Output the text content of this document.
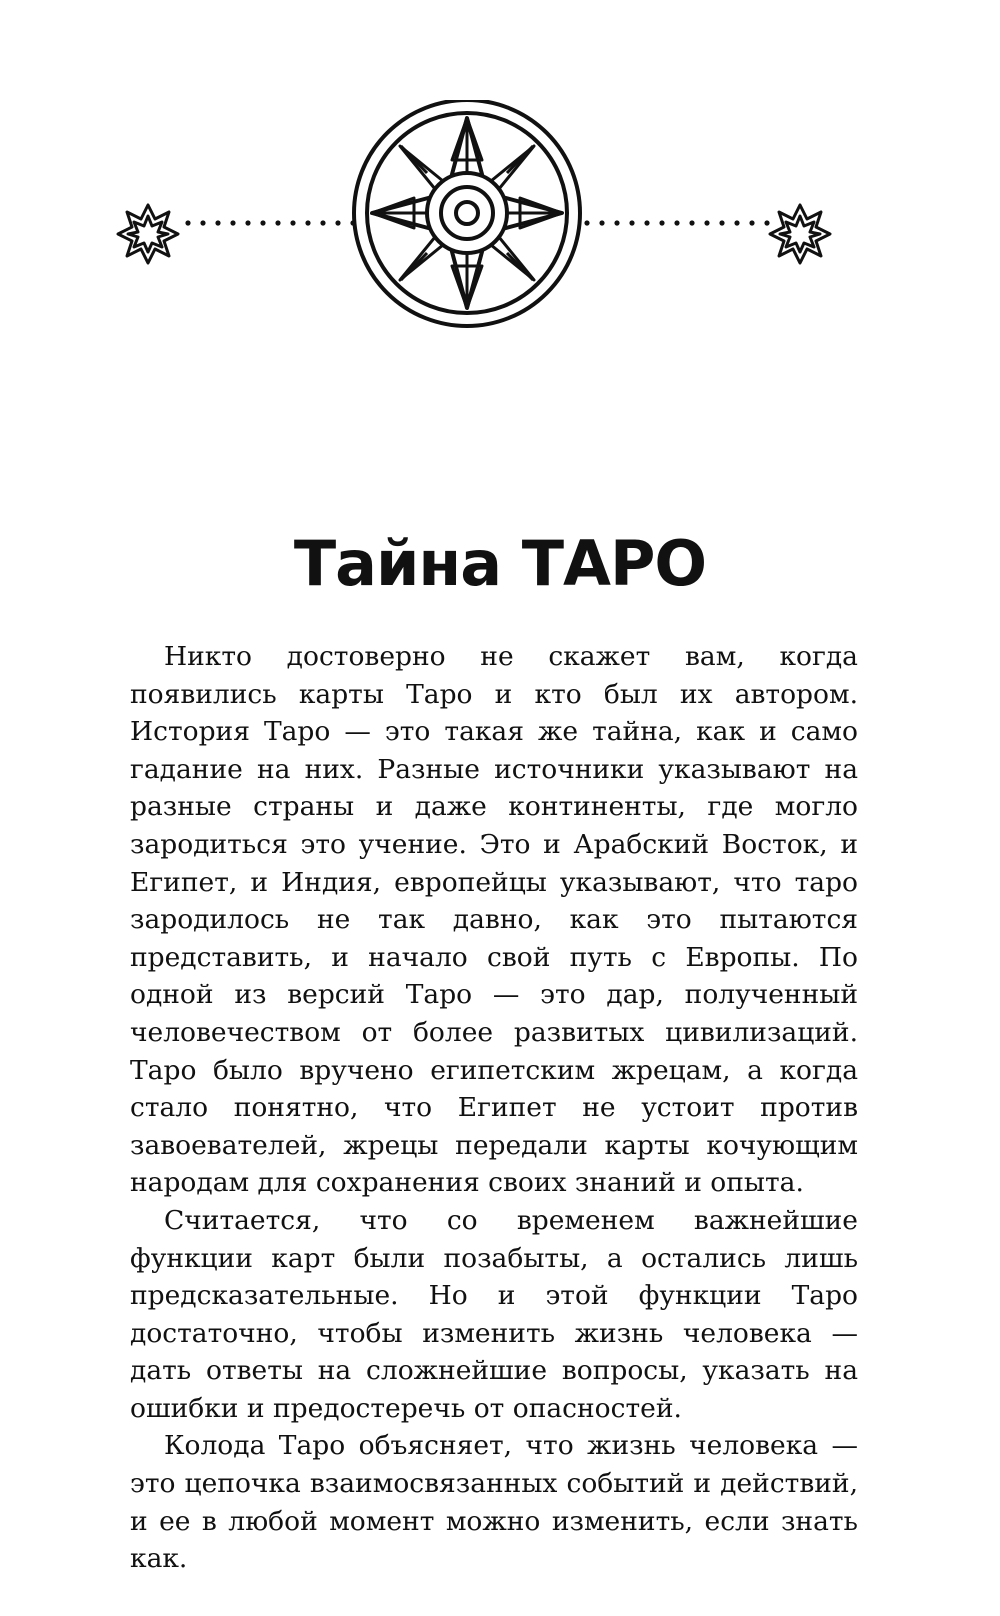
Тайна ТАРО

Никто достоверно не скажет вам, когда появились карты Таро и кто был их автором. История Таро — это такая же тайна, как и само гадание на них. Разные источники указывают на разные страны и даже континенты, где могло зародиться это учение. Это и Арабский Восток, и Египет, и Индия, европейцы указывают, что таро зародилось не так давно, как это пытаются представить, и начало свой путь с Европы. По одной из версий Таро — это дар, полученный человечеством от более развитых цивилизаций. Таро было вручено египетским жрецам, а когда стало понятно, что Египет не устоит против завоевателей, жрецы передали карты кочующим народам для сохранения своих знаний и опыта.

Считается, что со временем важнейшие функции карт были позабыты, а остались лишь предсказательные. Но и этой функции Таро достаточно, чтобы изменить жизнь человека — дать ответы на сложнейшие вопросы, указать на ошибки и предостеречь от опасностей.

Колода Таро объясняет, что жизнь человека — это цепочка взаимосвязанных событий и действий, и ее в любой момент можно изменить, если знать как.
